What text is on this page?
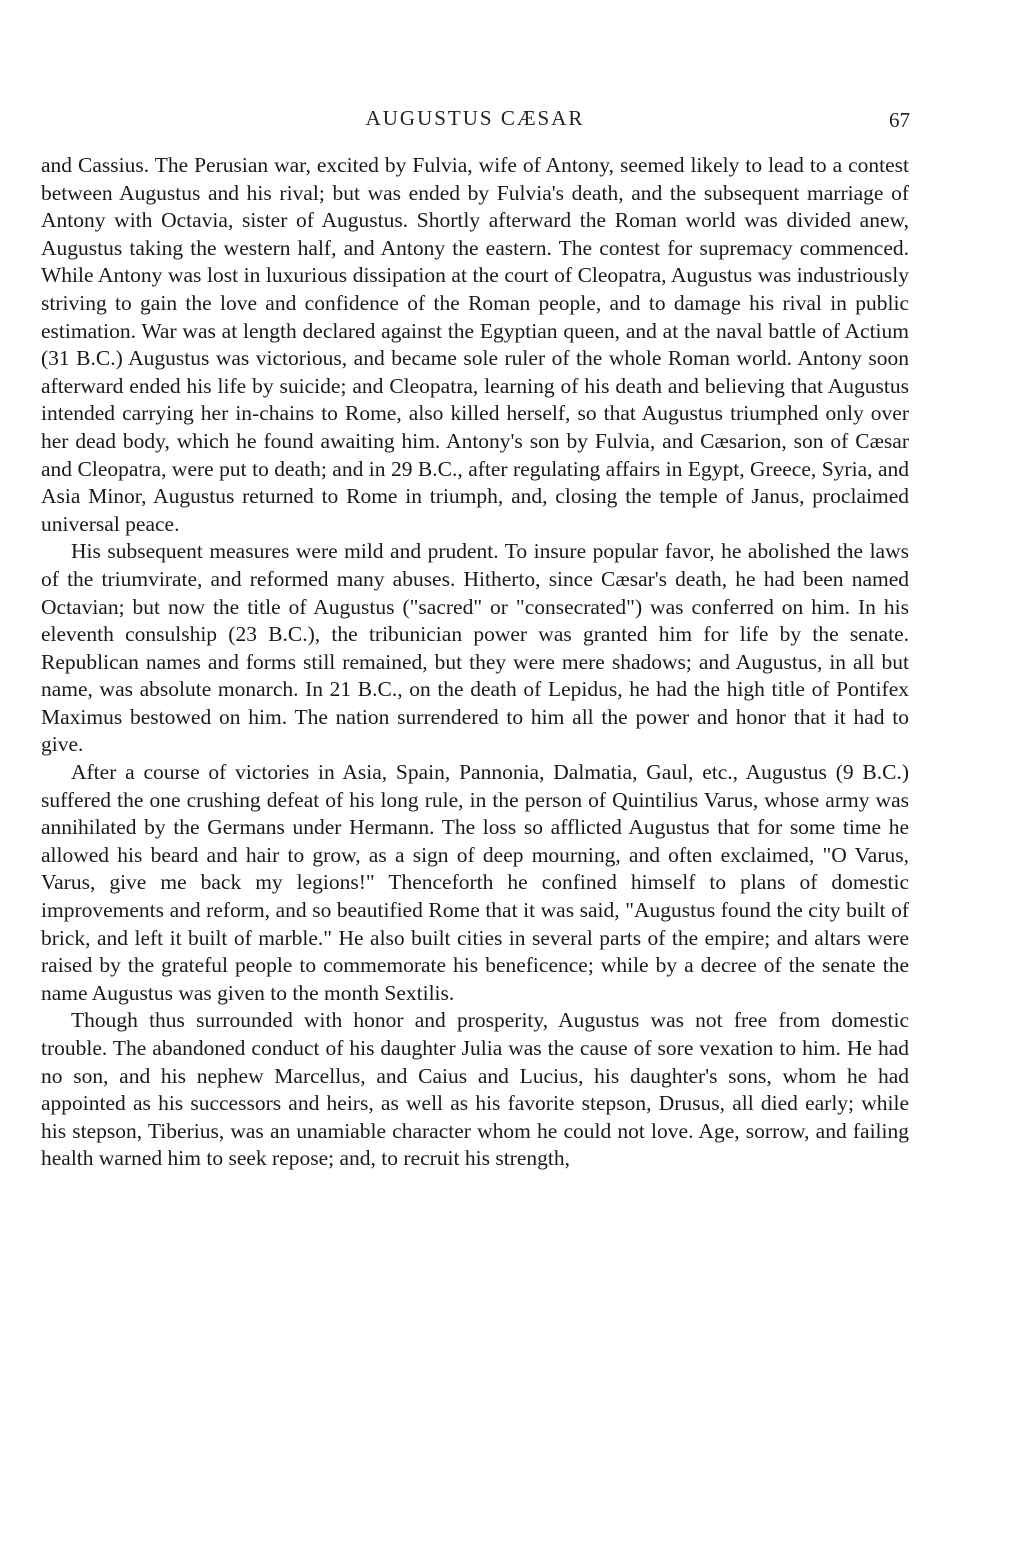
AUGUSTUS CÆSAR	67

and Cassius. The Perusian war, excited by Fulvia, wife of Antony, seemed likely to lead to a contest between Augustus and his rival; but was ended by Fulvia's death, and the subsequent marriage of Antony with Octavia, sister of Augustus. Shortly afterward the Roman world was divided anew, Augustus taking the western half, and Antony the eastern. The contest for supremacy commenced. While Antony was lost in luxurious dissipation at the court of Cleopatra, Augustus was industriously striving to gain the love and confidence of the Roman people, and to damage his rival in public estimation. War was at length declared against the Egyptian queen, and at the naval battle of Actium (31 B.C.) Augustus was victorious, and became sole ruler of the whole Roman world. Antony soon afterward ended his life by suicide; and Cleopatra, learning of his death and believing that Augustus intended carrying her in-chains to Rome, also killed herself, so that Augustus triumphed only over her dead body, which he found awaiting him. Antony's son by Fulvia, and Cæsarion, son of Cæsar and Cleopatra, were put to death; and in 29 B.C., after regulating affairs in Egypt, Greece, Syria, and Asia Minor, Augustus returned to Rome in triumph, and, closing the temple of Janus, proclaimed universal peace.

His subsequent measures were mild and prudent. To insure popular favor, he abolished the laws of the triumvirate, and reformed many abuses. Hitherto, since Cæsar's death, he had been named Octavian; but now the title of Augustus ("sacred" or "consecrated") was conferred on him. In his eleventh consulship (23 B.C.), the tribunician power was granted him for life by the senate. Republican names and forms still remained, but they were mere shadows; and Augustus, in all but name, was absolute monarch. In 21 B.C., on the death of Lepidus, he had the high title of Pontifex Maximus bestowed on him. The nation surrendered to him all the power and honor that it had to give.

After a course of victories in Asia, Spain, Pannonia, Dalmatia, Gaul, etc., Augustus (9 B.C.) suffered the one crushing defeat of his long rule, in the person of Quintilius Varus, whose army was annihilated by the Germans under Hermann. The loss so afflicted Augustus that for some time he allowed his beard and hair to grow, as a sign of deep mourning, and often exclaimed, "O Varus, Varus, give me back my legions!" Thenceforth he confined himself to plans of domestic improvements and reform, and so beautified Rome that it was said, "Augustus found the city built of brick, and left it built of marble." He also built cities in several parts of the empire; and altars were raised by the grateful people to commemorate his beneficence; while by a decree of the senate the name Augustus was given to the month Sextilis.

Though thus surrounded with honor and prosperity, Augustus was not free from domestic trouble. The abandoned conduct of his daughter Julia was the cause of sore vexation to him. He had no son, and his nephew Marcellus, and Caius and Lucius, his daughter's sons, whom he had appointed as his successors and heirs, as well as his favorite stepson, Drusus, all died early; while his stepson, Tiberius, was an unamiable character whom he could not love. Age, sorrow, and failing health warned him to seek repose; and, to recruit his strength,
